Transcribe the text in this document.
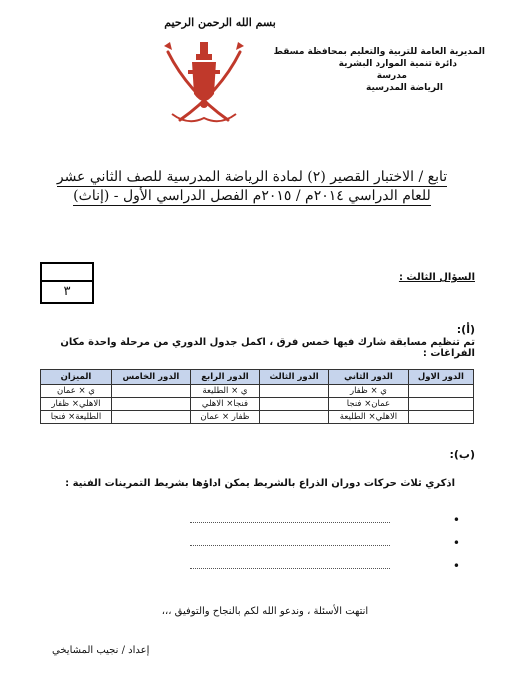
بسم الله الرحمن الرحيم
المديرية العامة للتربية والتعليم بمحافظة مسقط
دائرة تنمية الموارد البشرية
مدرسة
الرياضة المدرسية
تابع / الاختبار القصير (٢) لمادة الرياضة المدرسية للصف الثاني عشر
للعام الدراسي ٢٠١٤م / ٢٠١٥م الفصل الدراسي الأول - (إناث)
٣
السؤال الثالث :
(أ):
تم تنظيم مسابقة شارك فيها خمس فرق ، اكمل جدول الدوري من مرحلة واحدة مكان الفراغات :
الدور الاول	الدور الثاني	الدور الثالث	الدور الرابع	الدور الخامس	الميزان
	ي × ظفار		ي × الطليعة		ي × عمان
	عمان× فنجا		فنجا× الاهلي		الاهلي× ظفار
	الاهلي× الطليعة		ظفار × عمان		الطليعة× فنجا
(ب):
اذكري ثلاث حركات دوران الذراع بالشريط يمكن اداؤها بشريط التمرينات الفنية :
•
•
•
انتهت الأسئلة ، وندعو الله لكم بالنجاح والتوفيق ،،،
إعداد / نجيب المشايخي
